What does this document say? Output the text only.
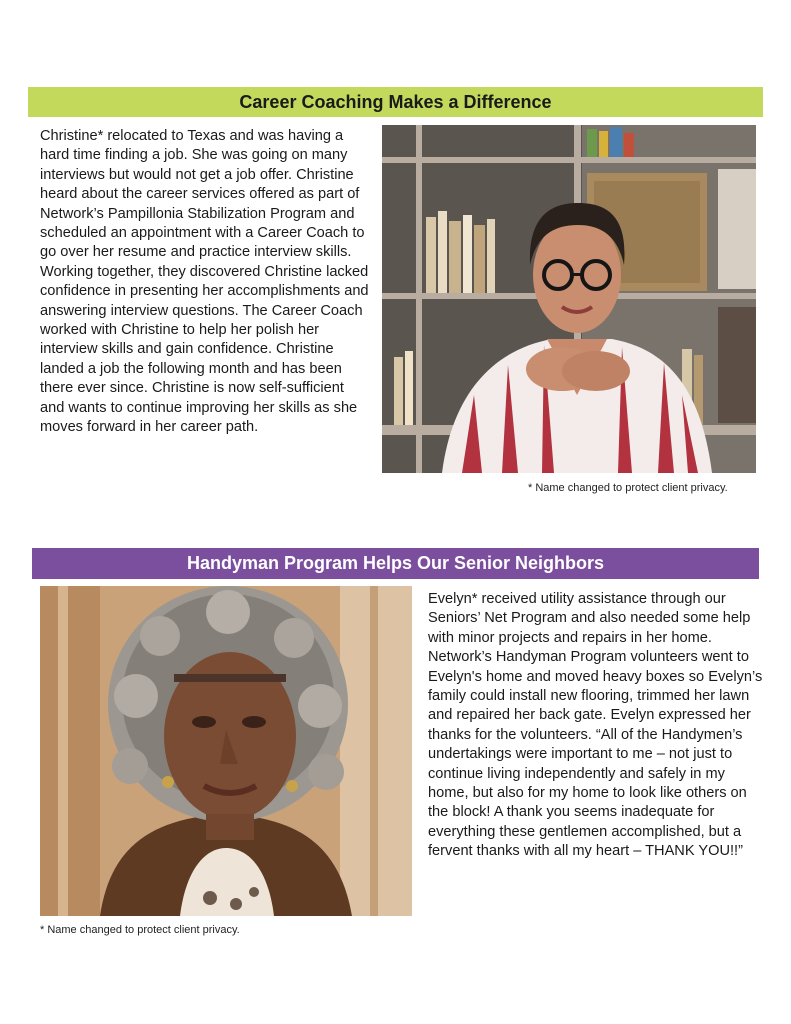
Career Coaching Makes a Difference

Christine* relocated to Texas and was having a hard time finding a job. She was going on many interviews but would not get a job offer. Christine heard about the career services offered as part of Network’s Pampillonia Stabilization Program and scheduled an appointment with a Career Coach to go over her resume and practice interview skills. Working together, they discovered Christine lacked confidence in presenting her accomplishments and answering interview questions. The Career Coach worked with Christine to help her polish her interview skills and gain confidence. Christine landed a job the following month and has been there ever since. Christine is now self-sufficient and wants to continue improving her skills as she moves forward in her career path.

* Name changed to protect client privacy.
Handyman Program Helps Our Senior Neighbors

Evelyn* received utility assistance through our Seniors’ Net Program and also needed some help with minor projects and repairs in her home. Network’s Handyman Program volunteers went to Evelyn's home and moved heavy boxes so Evelyn’s family could install new flooring, trimmed her lawn and repaired her back gate. Evelyn expressed her thanks for the volunteers. “All of the Handymen’s undertakings were important to me – not just to continue living independently and safely in my home, but also for my home to look like others on the block! A thank you seems inadequate for everything these gentlemen accomplished, but a fervent thanks with all my heart – THANK YOU!!”

* Name changed to protect client privacy.
